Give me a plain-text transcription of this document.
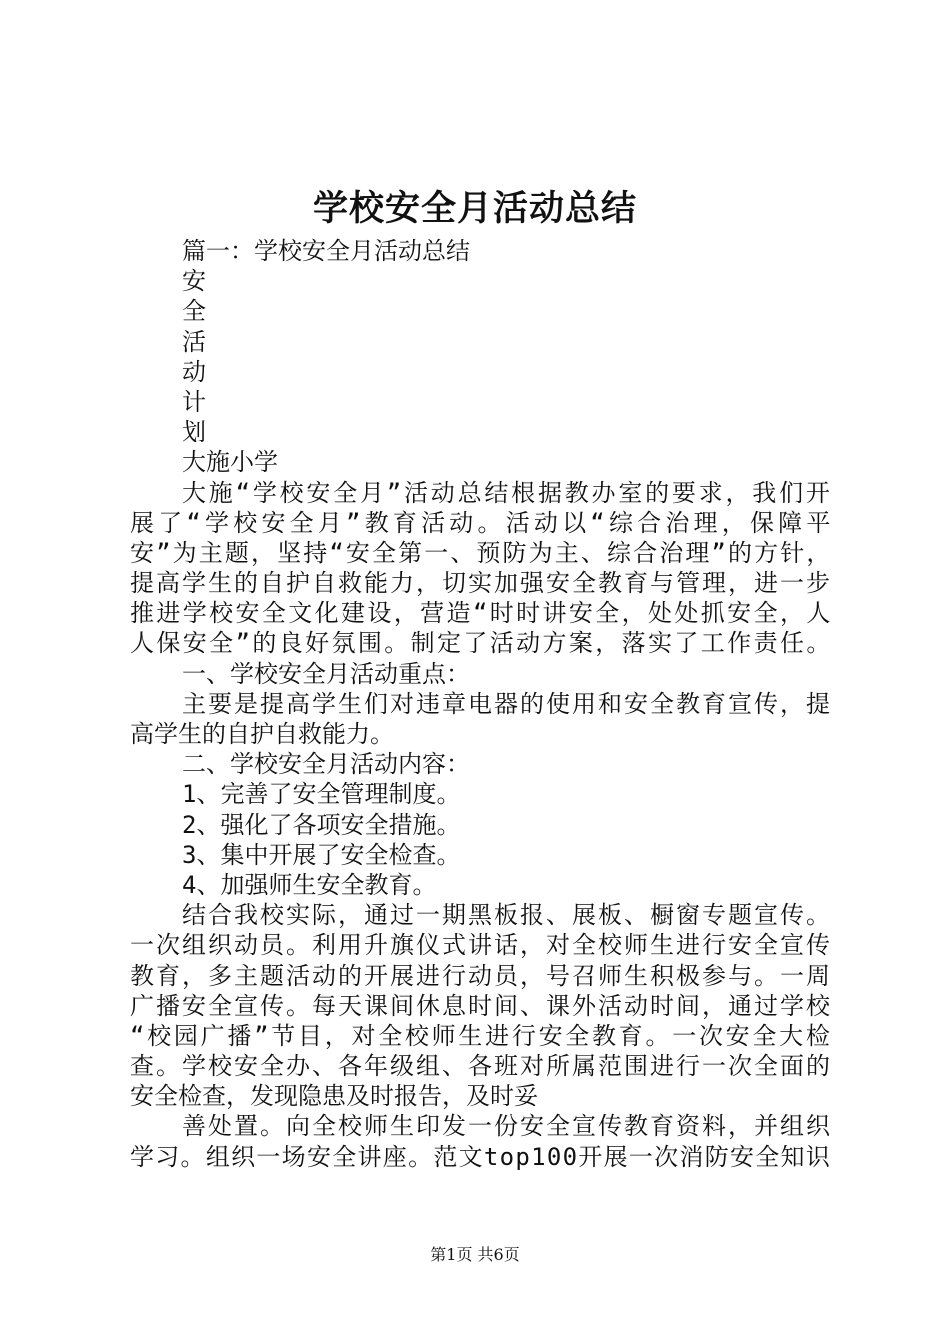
学校安全月活动总结
篇一：学校安全月活动总结
安
全
活
动
计
划
大施小学
大施“学校安全月”活动总结根据教办室的要求，我们开
展了“学校安全月”教育活动。活动以“综合治理，保障平
安”为主题，坚持“安全第一、预防为主、综合治理”的方针，
提高学生的自护自救能力，切实加强安全教育与管理，进一步
推进学校安全文化建设，营造“时时讲安全，处处抓安全，人
人保安全”的良好氛围。制定了活动方案，落实了工作责任。
一、学校安全月活动重点：
主要是提高学生们对违章电器的使用和安全教育宣传，提
高学生的自护自救能力。
二、学校安全月活动内容：
1、完善了安全管理制度。
2、强化了各项安全措施。
3、集中开展了安全检查。
4、加强师生安全教育。
结合我校实际，通过一期黑板报、展板、橱窗专题宣传。
一次组织动员。利用升旗仪式讲话，对全校师生进行安全宣传
教育，多主题活动的开展进行动员，号召师生积极参与。一周
广播安全宣传。每天课间休息时间、课外活动时间，通过学校
“校园广播”节目，对全校师生进行安全教育。一次安全大检
查。学校安全办、各年级组、各班对所属范围进行一次全面的
安全检查，发现隐患及时报告，及时妥
善处置。向全校师生印发一份安全宣传教育资料，并组织
学习。组织一场安全讲座。范文top100开展一次消防安全知识
第1页 共6页
